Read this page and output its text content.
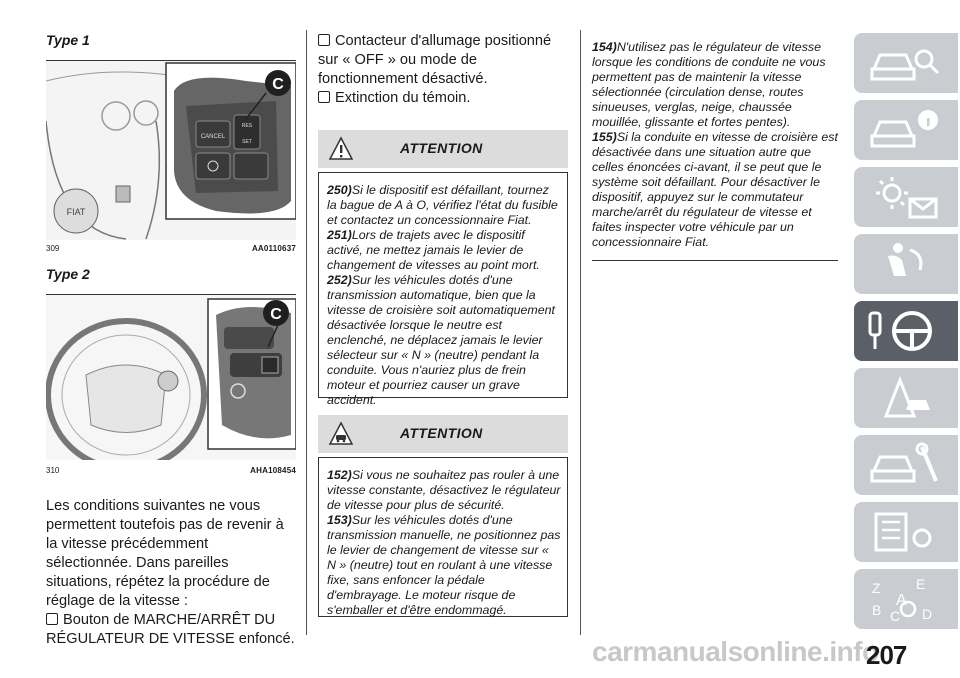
Type 1
FIAT
CANCEL
RES
SET
C
309	AA0110637
Type 2
C
310	AHA108454

Les conditions suivantes ne vous permettent toutefois pas de revenir à la vitesse précédemment sélectionnée. Dans pareilles situations, répétez la procédure de réglage de la vitesse :

Bouton de MARCHE/ARRÊT DU RÉGULATEUR DE VITESSE enfoncé.

Contacteur d'allumage positionné sur « OFF » ou mode de fonctionnement désactivé.

Extinction du témoin.

ATTENTION

250)Si le dispositif est défaillant, tournez la bague de A à O, vérifiez l'état du fusible et contactez un concessionnaire Fiat.

251)Lors de trajets avec le dispositif activé, ne mettez jamais le levier de changement de vitesses au point mort.

252)Sur les véhicules dotés d'une transmission automatique, bien que la vitesse de croisière soit automatiquement désactivée lorsque le neutre est enclenché, ne déplacez jamais le levier sélecteur sur « N » (neutre) pendant la conduite. Vous n'auriez plus de frein moteur et pourriez causer un grave accident.

ATTENTION

152)Si vous ne souhaitez pas rouler à une vitesse constante, désactivez le régulateur de vitesse pour plus de sécurité.

153)Sur les véhicules dotés d'une transmission manuelle, ne positionnez pas le levier de changement de vitesse sur « N » (neutre) tout en roulant à une vitesse fixe, sans enfoncer la pédale d'embrayage. Le moteur risque de s'emballer et d'être endommagé.

154)N'utilisez pas le régulateur de vitesse lorsque les conditions de conduite ne vous permettent pas de maintenir la vitesse sélectionnée (circulation dense, routes sinueuses, verglas, neige, chaussée mouillée, glissante et fortes pentes).

155)Si la conduite en vitesse de croisière est désactivée dans une situation autre que celles énoncées ci-avant, il se peut que le système soit défaillant. Pour désactiver le dispositif, appuyez sur le commutateur marche/arrêt du régulateur de vitesse et faites inspecter votre véhicule par un concessionnaire Fiat.

Z	E
A
B C D
carmanualsonline.info
207
